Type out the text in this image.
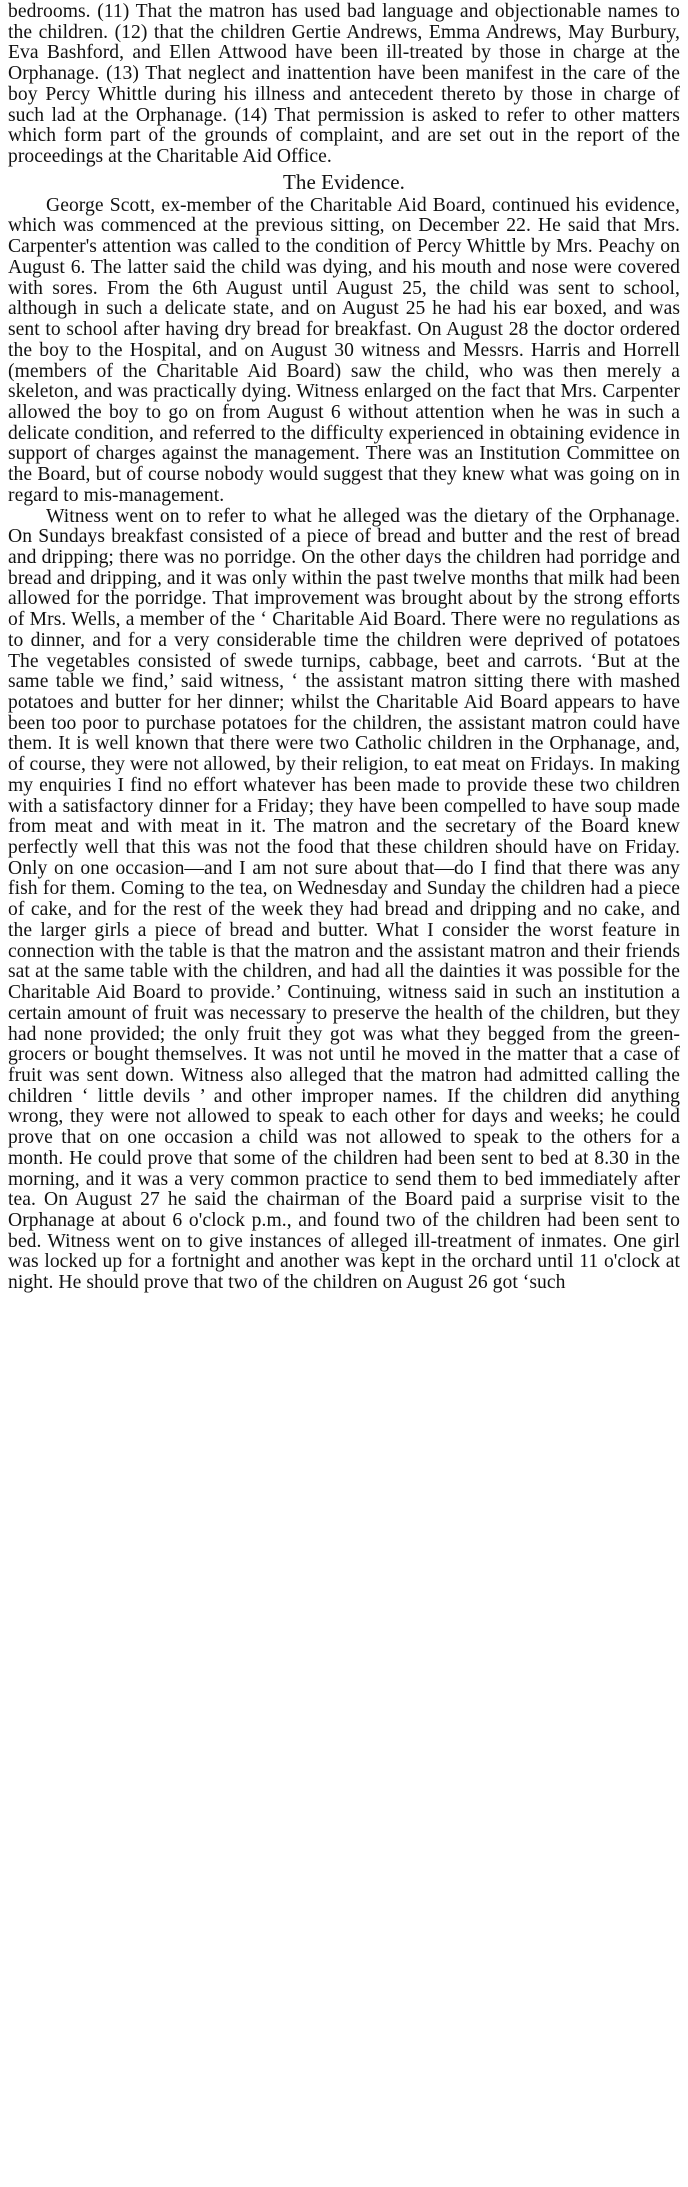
bedrooms. (11) That the matron has used bad language and objectionable names to the children. (12) that the children Gertie Andrews, Emma Andrews, May Burbury, Eva Bashford, and Ellen Attwood have been ill-treated by those in charge at the Orphanage. (13) That neglect and inattention have been manifest in the care of the boy Percy Whittle during his illness and antecedent thereto by those in charge of such lad at the Orphanage. (14) That permission is asked to refer to other matters which form part of the grounds of complaint, and are set out in the report of the proceedings at the Charitable Aid Office.

The Evidence.

George Scott, ex-member of the Charitable Aid Board, continued his evidence, which was commenced at the previous sitting, on December 22. He said that Mrs. Carpenter's attention was called to the condition of Percy Whittle by Mrs. Peachy on August 6. The latter said the child was dying, and his mouth and nose were covered with sores. From the 6th August until August 25, the child was sent to school, although in such a delicate state, and on August 25 he had his ear boxed, and was sent to school after having dry bread for breakfast. On August 28 the doctor ordered the boy to the Hospital, and on August 30 witness and Messrs. Harris and Horrell (members of the Charitable Aid Board) saw the child, who was then merely a skeleton, and was practically dying. Witness enlarged on the fact that Mrs. Carpenter allowed the boy to go on from August 6 without attention when he was in such a delicate condition, and referred to the difficulty experienced in obtaining evidence in support of charges against the management. There was an Institution Committee on the Board, but of course nobody would suggest that they knew what was going on in regard to mis-management.

Witness went on to refer to what he alleged was the dietary of the Orphanage. On Sundays breakfast consisted of a piece of bread and butter and the rest of bread and dripping; there was no porridge. On the other days the children had porridge and bread and dripping, and it was only within the past twelve months that milk had been allowed for the porridge. That improvement was brought about by the strong efforts of Mrs. Wells, a member of the ‘ Charitable Aid Board. There were no regulations as to dinner, and for a very considerable time the children were deprived of potatoes The vegetables consisted of swede turnips, cabbage, beet and carrots. ‘But at the same table we find,’ said witness, ‘ the assistant matron sitting there with mashed potatoes and butter for her dinner; whilst the Charitable Aid Board appears to have been too poor to purchase potatoes for the children, the assistant matron could have them. It is well known that there were two Catholic children in the Orphanage, and, of course, they were not allowed, by their religion, to eat meat on Fridays. In making my enquiries I find no effort whatever has been made to provide these two children with a satisfactory dinner for a Friday; they have been compelled to have soup made from meat and with meat in it. The matron and the secretary of the Board knew perfectly well that this was not the food that these children should have on Friday. Only on one occasion—and I am not sure about that—do I find that there was any fish for them. Coming to the tea, on Wednesday and Sunday the children had a piece of cake, and for the rest of the week they had bread and dripping and no cake, and the larger girls a piece of bread and butter. What I consider the worst feature in connection with the table is that the matron and the assistant matron and their friends sat at the same table with the children, and had all the dainties it was possible for the Charitable Aid Board to provide.’ Continuing, witness said in such an institution a certain amount of fruit was necessary to preserve the health of the children, but they had none provided; the only fruit they got was what they begged from the green-grocers or bought themselves. It was not until he moved in the matter that a case of fruit was sent down. Witness also alleged that the matron had admitted calling the children ‘ little devils ’ and other improper names. If the children did anything wrong, they were not allowed to speak to each other for days and weeks; he could prove that on one occasion a child was not allowed to speak to the others for a month. He could prove that some of the children had been sent to bed at 8.30 in the morning, and it was a very common practice to send them to bed immediately after tea. On August 27 he said the chairman of the Board paid a surprise visit to the Orphanage at about 6 o'clock p.m., and found two of the children had been sent to bed. Witness went on to give instances of alleged ill-treatment of inmates. One girl was locked up for a fortnight and another was kept in the orchard until 11 o'clock at night. He should prove that two of the children on August 26 got ‘such
